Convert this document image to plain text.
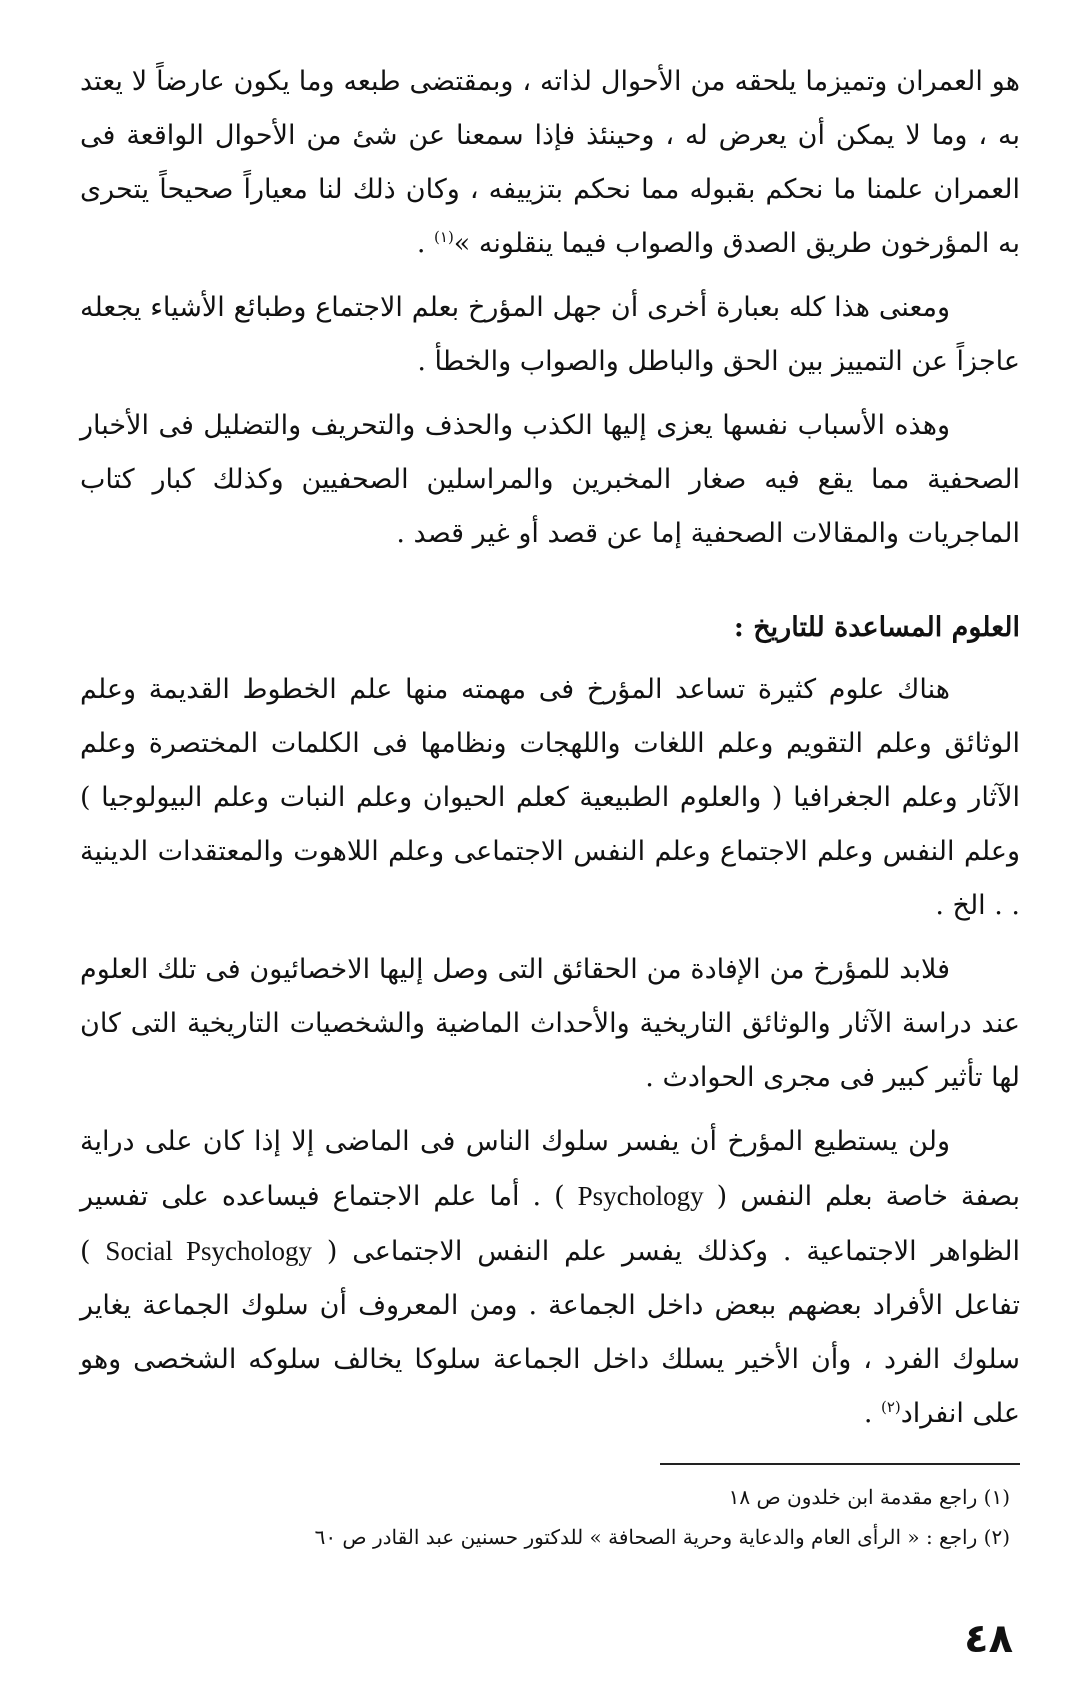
هو العمران وتميزما يلحقه من الأحوال لذاته ، وبمقتضى طبعه وما يكون عارضاً لا يعتد به ، وما لا يمكن أن يعرض له ، وحينئذ فإذا سمعنا عن شئ من الأحوال الواقعة فى العمران علمنا ما نحكم بقبوله مما نحكم بتزييفه ، وكان ذلك لنا معياراً صحيحاً يتحرى به المؤرخون طريق الصدق والصواب فيما ينقلونه »$^{(١)}$ .

ومعنى هذا كله بعبارة أخرى أن جهل المؤرخ بعلم الاجتماع وطبائع الأشياء يجعله عاجزاً عن التمييز بين الحق والباطل والصواب والخطأ .

وهذه الأسباب نفسها يعزى إليها الكذب والحذف والتحريف والتضليل فى الأخبار الصحفية مما يقع فيه صغار المخبرين والمراسلين الصحفيين وكذلك كبار كتاب الماجريات والمقالات الصحفية إما عن قصد أو غير قصد .

العلوم المساعدة للتاريخ :

هناك علوم كثيرة تساعد المؤرخ فى مهمته منها علم الخطوط القديمة وعلم الوثائق وعلم التقويم وعلم اللغات واللهجات ونظامها فى الكلمات المختصرة وعلم الآثار وعلم الجغرافيا ( والعلوم الطبيعية كعلم الحيوان وعلم النبات وعلم البيولوجيا ) وعلم النفس وعلم الاجتماع وعلم النفس الاجتماعى وعلم اللاهوت والمعتقدات الدينية . . الخ .

فلابد للمؤرخ من الإفادة من الحقائق التى وصل إليها الاخصائيون فى تلك العلوم عند دراسة الآثار والوثائق التاريخية والأحداث الماضية والشخصيات التاريخية التى كان لها تأثير كبير فى مجرى الحوادث .

ولن يستطيع المؤرخ أن يفسر سلوك الناس فى الماضى إلا إذا كان على دراية بصفة خاصة بعلم النفس ( Psychology ) . أما علم الاجتماع فيساعده على تفسير الظواهر الاجتماعية . وكذلك يفسر علم النفس الاجتماعى ( Social Psychology ) تفاعل الأفراد بعضهم ببعض داخل الجماعة . ومن المعروف أن سلوك الجماعة يغاير سلوك الفرد ، وأن الأخير يسلك داخل الجماعة سلوكا يخالف سلوكه الشخصى وهو على انفراد$^{(٢)}$ .

(١) راجع مقدمة ابن خلدون ص ١٨

(٢) راجع : « الرأى العام والدعاية وحرية الصحافة » للدكتور حسنين عبد القادر ص ٦٠

٤٨
